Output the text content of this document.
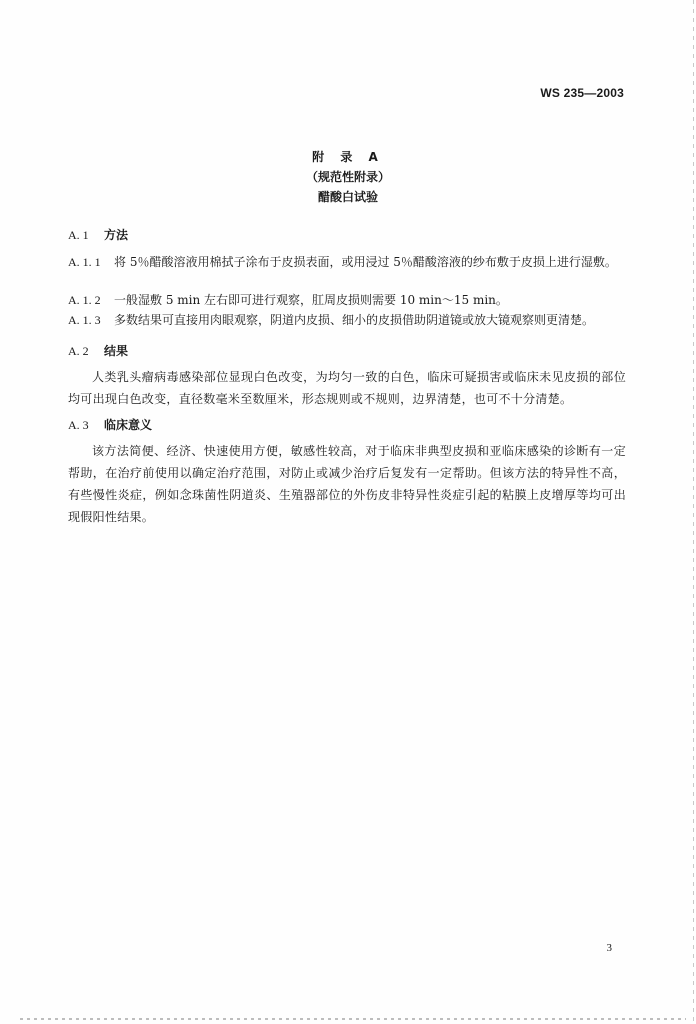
WS 235—2003
附 录 A
（规范性附录）
醋酸白试验
A. 1 方法
A. 1. 1 将 5％醋酸溶液用棉拭子涂布于皮损表面，或用浸过 5％醋酸溶液的纱布敷于皮损上进行湿敷。
A. 1. 2 一般湿敷 5 min 左右即可进行观察，肛周皮损则需要 10 min～15 min。
A. 1. 3 多数结果可直接用肉眼观察，阴道内皮损、细小的皮损借助阴道镜或放大镜观察则更清楚。
A. 2 结果
人类乳头瘤病毒感染部位显现白色改变，为均匀一致的白色，临床可疑损害或临床未见皮损的部位均可出现白色改变，直径数毫米至数厘米，形态规则或不规则，边界清楚，也可不十分清楚。
A. 3 临床意义
该方法简便、经济、快速使用方便，敏感性较高，对于临床非典型皮损和亚临床感染的诊断有一定帮助，在治疗前使用以确定治疗范围，对防止或减少治疗后复发有一定帮助。但该方法的特异性不高，有些慢性炎症，例如念珠菌性阴道炎、生殖器部位的外伤皮非特异性炎症引起的粘膜上皮增厚等均可出现假阳性结果。
3
